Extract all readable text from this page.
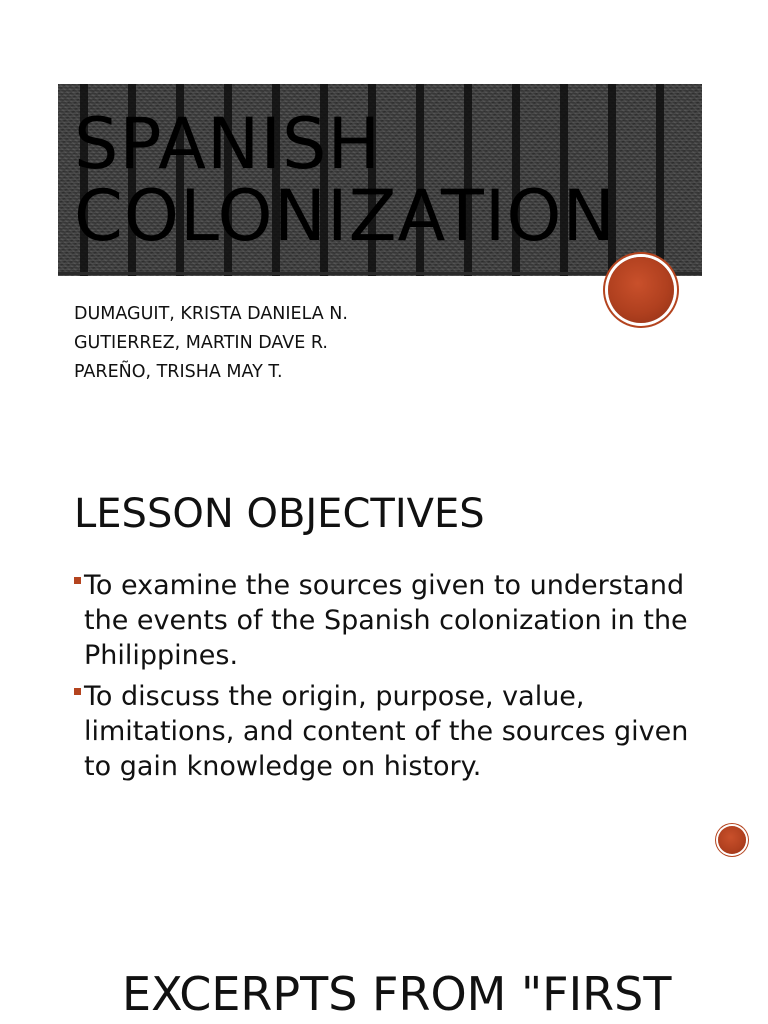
SPANISH
COLONIZATION
DUMAGUIT, KRISTA DANIELA N.
GUTIERREZ, MARTIN DAVE R.
PAREÑO, TRISHA MAY T.
LESSON OBJECTIVES
To examine the sources given to understand the events of the Spanish colonization in the Philippines.
To discuss the origin, purpose, value, limitations, and content of the sources given to gain knowledge on history.
EXCERPTS FROM "FIRST
